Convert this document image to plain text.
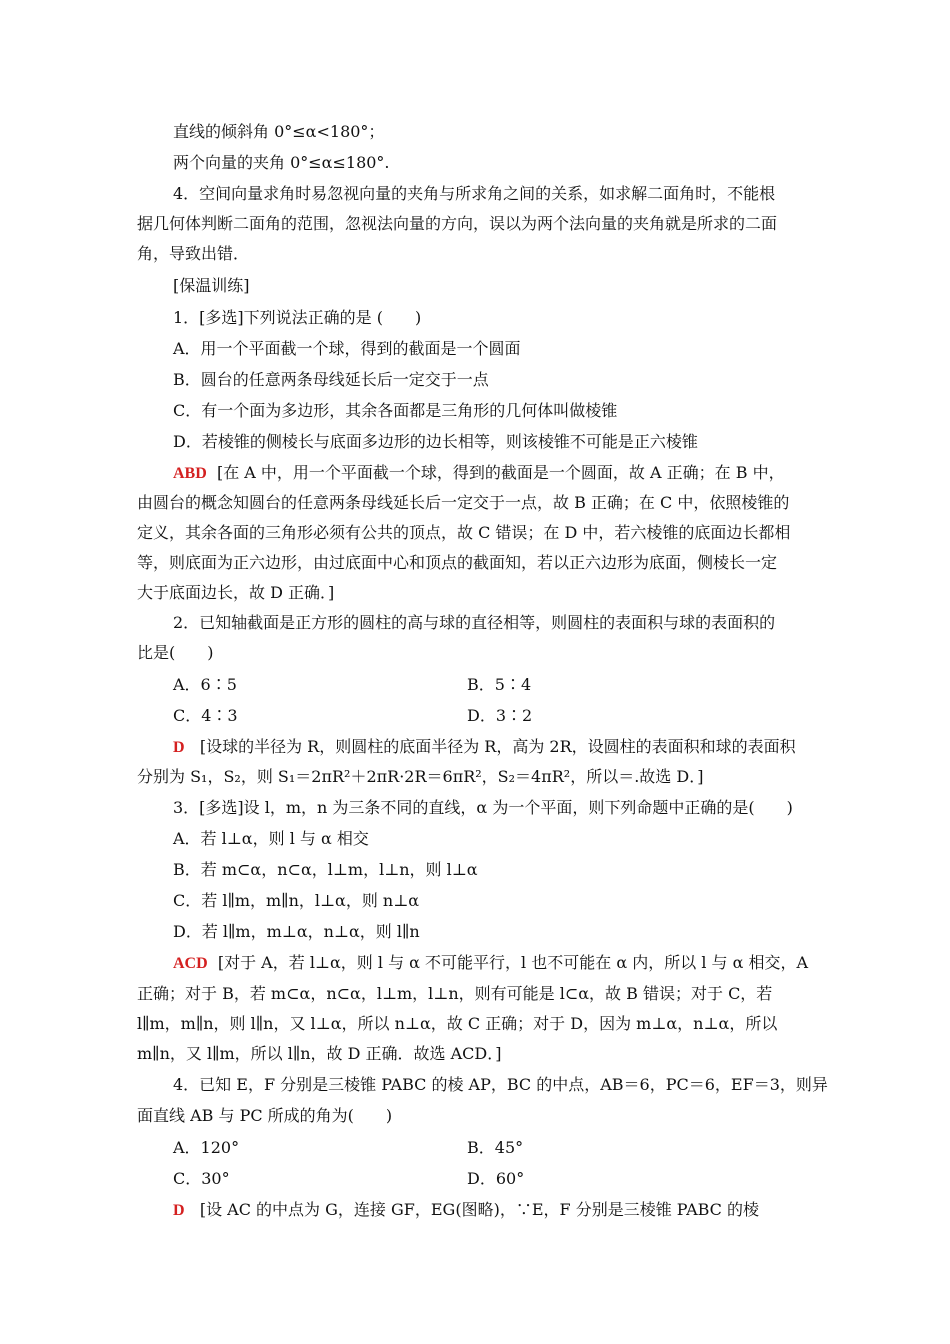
直线的倾斜角 0°≤α<180°；
两个向量的夹角 0°≤α≤180°.
4．空间向量求角时易忽视向量的夹角与所求角之间的关系，如求解二面角时，不能根
据几何体判断二面角的范围，忽视法向量的方向，误以为两个法向量的夹角就是所求的二面
角，导致出错．
[保温训练]
1．[多选]下列说法正确的是 (　　)
A．用一个平面截一个球，得到的截面是一个圆面
B．圆台的任意两条母线延长后一定交于一点
C．有一个面为多边形，其余各面都是三角形的几何体叫做棱锥
D．若棱锥的侧棱长与底面多边形的边长相等，则该棱锥不可能是正六棱锥
ABD [在 A 中，用一个平面截一个球，得到的截面是一个圆面，故 A 正确；在 B 中，
由圆台的概念知圆台的任意两条母线延长后一定交于一点，故 B 正确；在 C 中，依照棱锥的
定义，其余各面的三角形必须有公共的顶点，故 C 错误；在 D 中，若六棱锥的底面边长都相
等，则底面为正六边形，由过底面中心和顶点的截面知，若以正六边形为底面，侧棱长一定
大于底面边长，故 D 正确．]
2．已知轴截面是正方形的圆柱的高与球的直径相等，则圆柱的表面积与球的表面积的
比是(　　)
A．6∶5	B．5∶4
C．4∶3	D．3∶2
D [设球的半径为 R，则圆柱的底面半径为 R，高为 2R，设圆柱的表面积和球的表面积
分别为 S₁，S₂，则 S₁＝2πR²＋2πR·2R＝6πR²，S₂＝4πR²，所以＝.故选 D．]
3．[多选]设 l，m，n 为三条不同的直线，α 为一个平面，则下列命题中正确的是(　　)
A．若 l⊥α，则 l 与 α 相交
B．若 m⊂α，n⊂α，l⊥m，l⊥n，则 l⊥α
C．若 l∥m，m∥n，l⊥α，则 n⊥α
D．若 l∥m，m⊥α，n⊥α，则 l∥n
ACD [对于 A，若 l⊥α，则 l 与 α 不可能平行，l 也不可能在 α 内，所以 l 与 α 相交，A
正确；对于 B，若 m⊂α，n⊂α，l⊥m，l⊥n，则有可能是 l⊂α，故 B 错误；对于 C，若
l∥m，m∥n，则 l∥n，又 l⊥α，所以 n⊥α，故 C 正确；对于 D，因为 m⊥α，n⊥α，所以
m∥n，又 l∥m，所以 l∥n，故 D 正确．故选 ACD．]
4．已知 E，F 分别是三棱锥 PABC 的棱 AP，BC 的中点，AB＝6，PC＝6，EF＝3，则异
面直线 AB 与 PC 所成的角为(　　)
A．120°	B．45°
C．30°	D．60°
D [设 AC 的中点为 G，连接 GF，EG(图略)，∵E，F 分别是三棱锥 PABC 的棱
